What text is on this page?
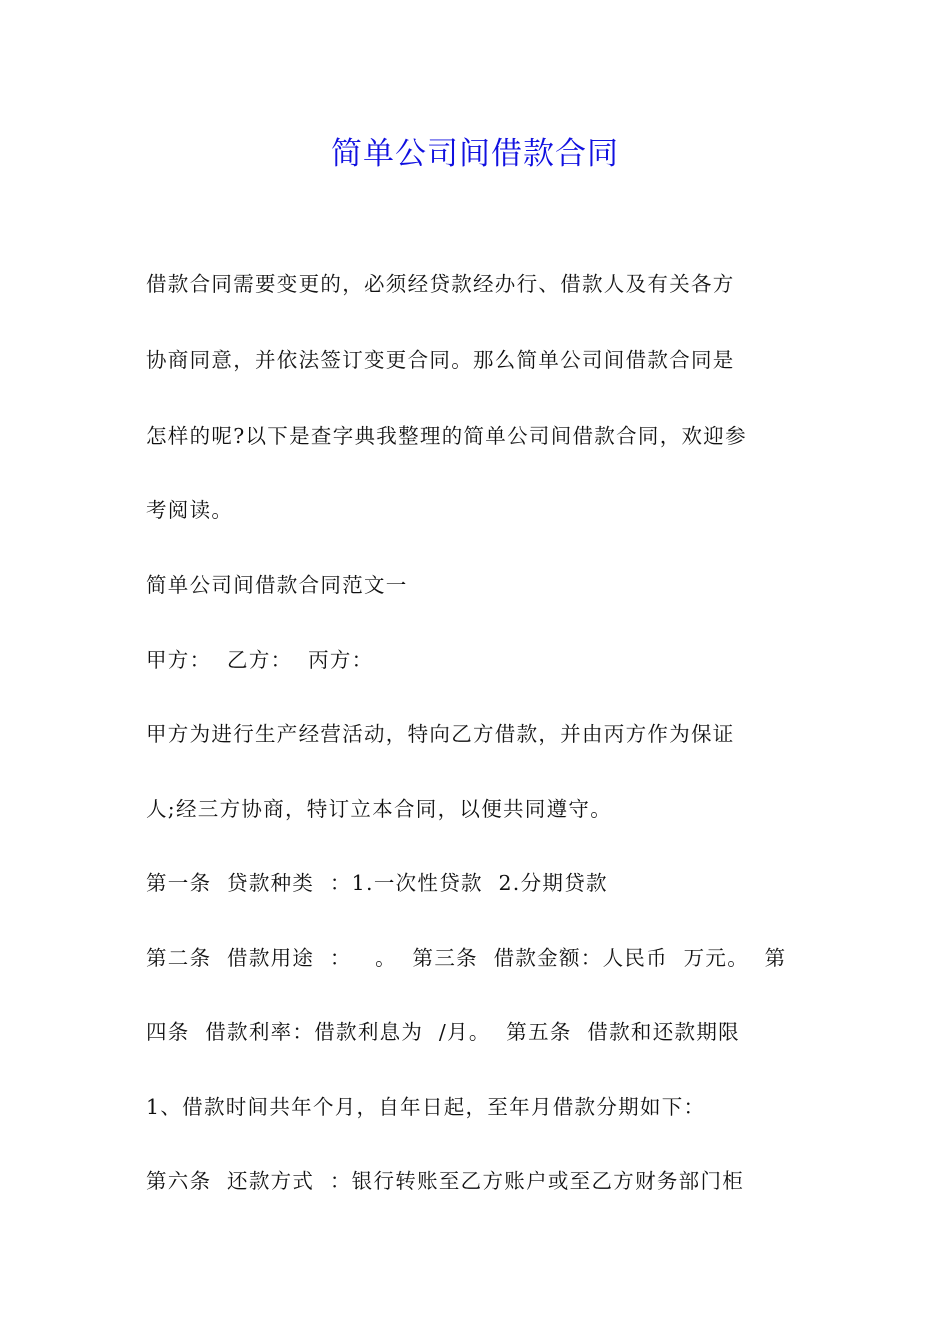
简单公司间借款合同

借款合同需要变更的，必须经贷款经办行、借款人及有关各方

协商同意，并依法签订变更合同。那么简单公司间借款合同是

怎样的呢?以下是查字典我整理的简单公司间借款合同，欢迎参

考阅读。

简单公司间借款合同范文一

甲方：  乙方：  丙方：

甲方为进行生产经营活动，特向乙方借款，并由丙方作为保证

人;经三方协商，特订立本合同，以便共同遵守。

第一条  贷款种类  ：1.一次性贷款  2.分期贷款

第二条  借款用途  ：   。  第三条  借款金额：人民币  万元。  第

四条  借款利率：借款利息为  /月。  第五条  借款和还款期限

1、借款时间共年个月，自年日起，至年月借款分期如下：

第六条  还款方式  ：银行转账至乙方账户或至乙方财务部门柜
